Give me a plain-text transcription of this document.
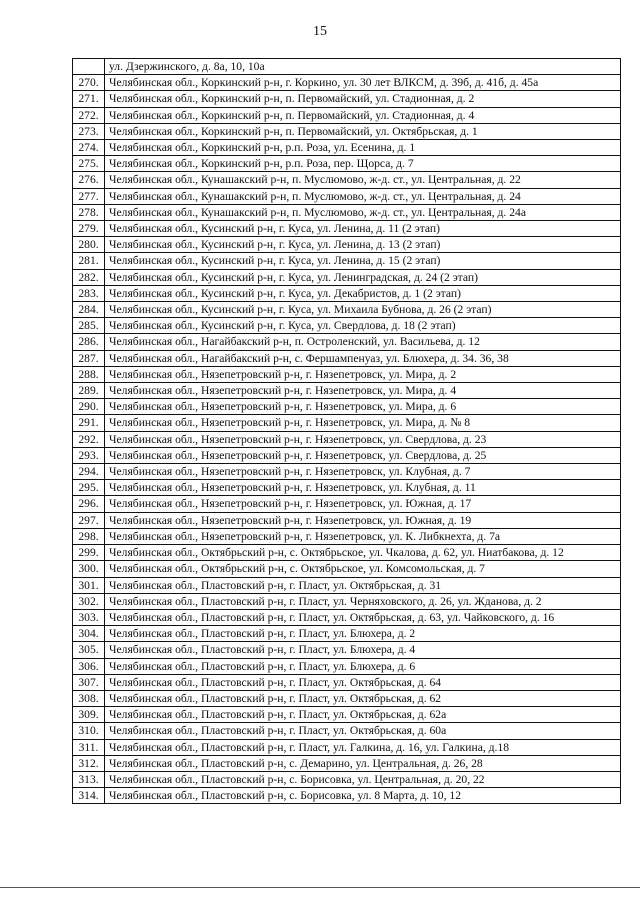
15
	ул. Дзержинского, д. 8а, 10, 10а
270.	Челябинская обл., Коркинский р-н, г. Коркино, ул. 30 лет ВЛКСМ, д. 39б, д. 41б, д. 45а
271.	Челябинская обл., Коркинский р-н, п. Первомайский, ул. Стадионная, д. 2
272.	Челябинская обл., Коркинский р-н, п. Первомайский, ул. Стадионная, д. 4
273.	Челябинская обл., Коркинский р-н, п. Первомайский, ул. Октябрьская, д. 1
274.	Челябинская обл., Коркинский р-н, р.п. Роза, ул. Есенина, д. 1
275.	Челябинская обл., Коркинский р-н, р.п. Роза, пер. Щорса, д. 7
276.	Челябинская обл., Кунашакский р-н, п. Муслюмово, ж-д. ст., ул. Центральная, д. 22
277.	Челябинская обл., Кунашакский р-н, п. Муслюмово, ж-д. ст., ул. Центральная, д. 24
278.	Челябинская обл., Кунашакский р-н, п. Муслюмово, ж-д. ст., ул. Центральная, д. 24а
279.	Челябинская обл., Кусинский р-н, г. Куса, ул. Ленина, д. 11 (2 этап)
280.	Челябинская обл., Кусинский р-н, г. Куса, ул. Ленина, д. 13 (2 этап)
281.	Челябинская обл., Кусинский р-н, г. Куса, ул. Ленина, д. 15 (2 этап)
282.	Челябинская обл., Кусинский р-н, г. Куса, ул. Ленинградская, д. 24 (2 этап)
283.	Челябинская обл., Кусинский р-н, г. Куса, ул. Декабристов, д. 1 (2 этап)
284.	Челябинская обл., Кусинский р-н, г. Куса, ул. Михаила Бубнова, д. 26 (2 этап)
285.	Челябинская обл., Кусинский р-н, г. Куса, ул. Свердлова, д. 18 (2 этап)
286.	Челябинская обл., Нагайбакский р-н, п. Остроленский, ул. Васильева, д. 12
287.	Челябинская обл., Нагайбакский р-н, с. Фершампенуаз, ул. Блюхера, д. 34. 36, 38
288.	Челябинская обл., Нязепетровский р-н, г. Нязепетровск, ул. Мира, д. 2
289.	Челябинская обл., Нязепетровский р-н, г. Нязепетровск, ул. Мира, д. 4
290.	Челябинская обл., Нязепетровский р-н, г. Нязепетровск, ул. Мира, д. 6
291.	Челябинская обл., Нязепетровский р-н, г. Нязепетровск, ул. Мира, д. № 8
292.	Челябинская обл., Нязепетровский р-н, г. Нязепетровск, ул. Свердлова, д. 23
293.	Челябинская обл., Нязепетровский р-н, г. Нязепетровск, ул. Свердлова, д. 25
294.	Челябинская обл., Нязепетровский р-н, г. Нязепетровск, ул. Клубная, д. 7
295.	Челябинская обл., Нязепетровский р-н, г. Нязепетровск, ул. Клубная, д. 11
296.	Челябинская обл., Нязепетровский р-н, г. Нязепетровск, ул. Южная, д. 17
297.	Челябинская обл., Нязепетровский р-н, г. Нязепетровск, ул. Южная, д. 19
298.	Челябинская обл., Нязепетровский р-н, г. Нязепетровск, ул. К. Либкнехта, д. 7а
299.	Челябинская обл., Октябрьский р-н, с. Октябрьское, ул. Чкалова, д. 62, ул. Ниатбакова, д. 12
300.	Челябинская обл., Октябрьский р-н, с. Октябрьское, ул. Комсомольская, д. 7
301.	Челябинская обл., Пластовский р-н, г. Пласт, ул. Октябрьская, д. 31
302.	Челябинская обл., Пластовский р-н, г. Пласт, ул. Черняховского, д. 26, ул. Жданова, д. 2
303.	Челябинская обл., Пластовский р-н, г. Пласт, ул. Октябрьская, д. 63, ул. Чайковского, д. 16
304.	Челябинская обл., Пластовский р-н, г. Пласт, ул. Блюхера, д. 2
305.	Челябинская обл., Пластовский р-н, г. Пласт, ул. Блюхера, д. 4
306.	Челябинская обл., Пластовский р-н, г. Пласт, ул. Блюхера, д. 6
307.	Челябинская обл., Пластовский р-н, г. Пласт, ул. Октябрьская, д. 64
308.	Челябинская обл., Пластовский р-н, г. Пласт, ул. Октябрьская, д. 62
309.	Челябинская обл., Пластовский р-н, г. Пласт, ул. Октябрьская, д. 62а
310.	Челябинская обл., Пластовский р-н, г. Пласт, ул. Октябрьская, д. 60а
311.	Челябинская обл., Пластовский р-н, г. Пласт, ул. Галкина, д. 16, ул. Галкина, д.18
312.	Челябинская обл., Пластовский р-н, с. Демарино, ул. Центральная, д. 26, 28
313.	Челябинская обл., Пластовский р-н, с. Борисовка, ул. Центральная, д. 20, 22
314.	Челябинская обл., Пластовский р-н, с. Борисовка, ул. 8 Марта, д. 10, 12
